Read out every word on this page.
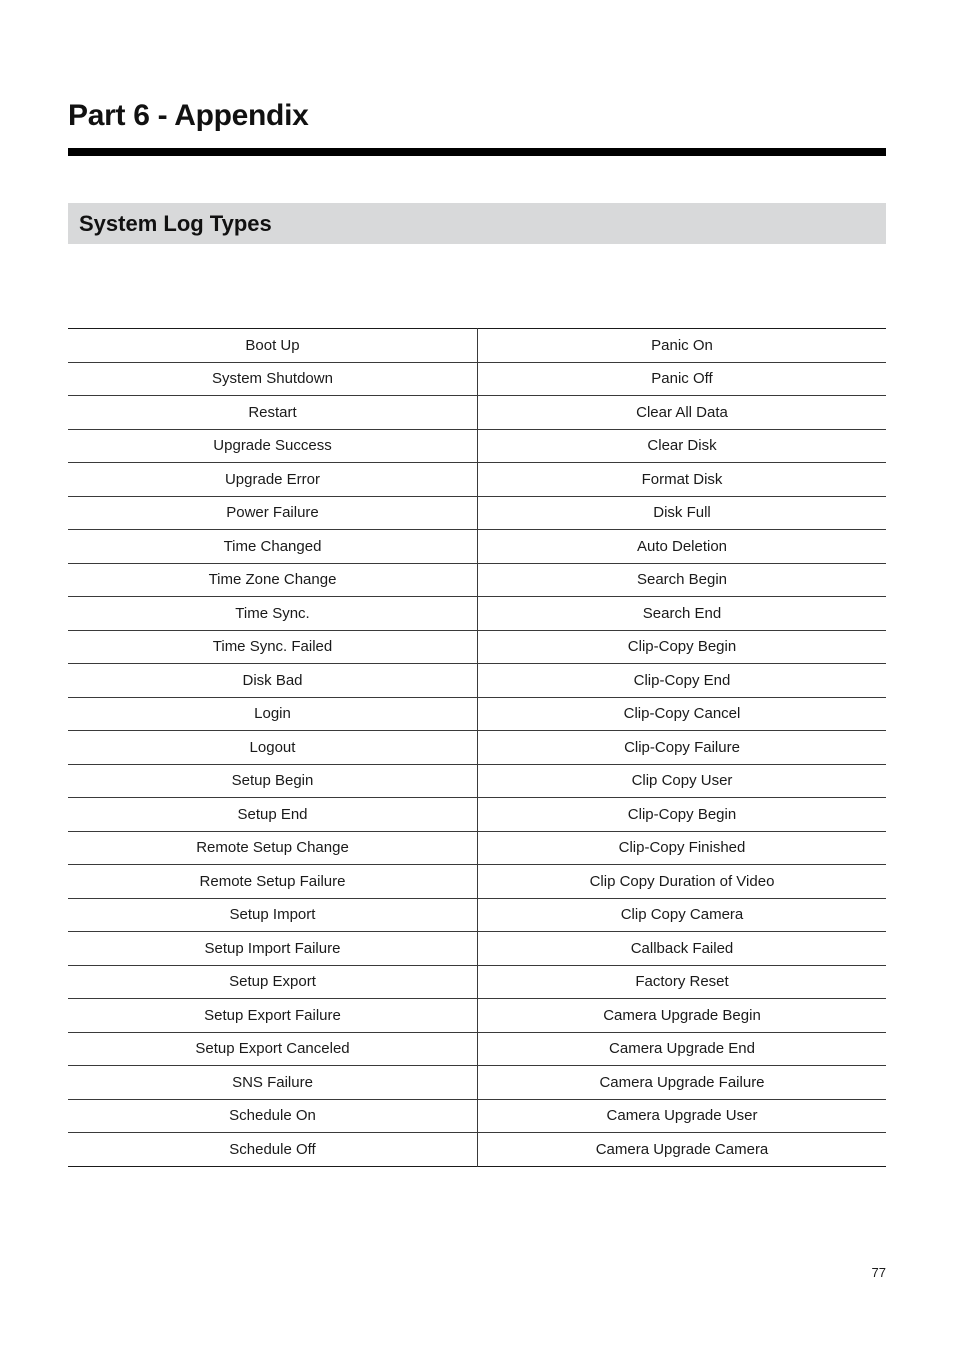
Part 6 - Appendix
System Log Types
Boot Up	Panic On
System Shutdown	Panic Off
Restart	Clear All Data
Upgrade Success	Clear Disk
Upgrade Error	Format Disk
Power Failure	Disk Full
Time Changed	Auto Deletion
Time Zone Change	Search Begin
Time Sync.	Search End
Time Sync. Failed	Clip-Copy Begin
Disk Bad	Clip-Copy End
Login	Clip-Copy Cancel
Logout	Clip-Copy Failure
Setup Begin	Clip Copy User
Setup End	Clip-Copy Begin
Remote Setup Change	Clip-Copy Finished
Remote Setup Failure	Clip Copy Duration of Video
Setup Import	Clip Copy Camera
Setup Import Failure	Callback Failed
Setup Export	Factory Reset
Setup Export Failure	Camera Upgrade Begin
Setup Export Canceled	Camera Upgrade End
SNS Failure	Camera Upgrade Failure
Schedule On	Camera Upgrade User
Schedule Off	Camera Upgrade Camera
77
